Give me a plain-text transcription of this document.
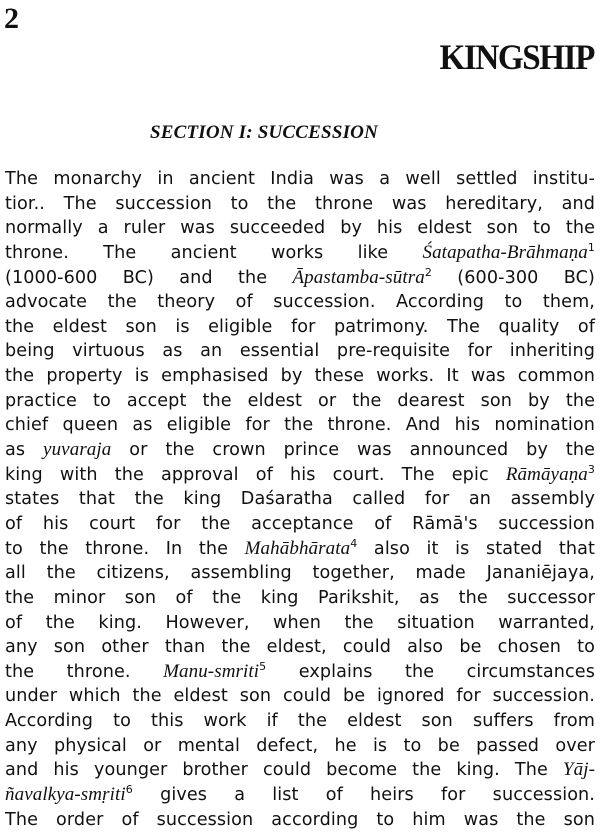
2
KINGSHIP
SECTION I: SUCCESSION
The monarchy in ancient India was a well settled institu-
tior.. The succession to the throne was hereditary, and
normally a ruler was succeeded by his eldest son to the
throne. The ancient works like Śatapatha-Brāhmaṇa$^1$
(1000-600 BC) and the Āpastamba-sūtra$^2$ (600-300 BC)
advocate the theory of succession. According to them,
the eldest son is eligible for patrimony. The quality of
being virtuous as an essential pre-requisite for inheriting
the property is emphasised by these works. It was common
practice to accept the eldest or the dearest son by the
chief queen as eligible for the throne. And his nomination
as yuvaraja or the crown prince was announced by the
king with the approval of his court. The epic Rāmāyaṇa$^3$
states that the king Daśaratha called for an assembly
of his court for the acceptance of Rāmā's succession
to the throne. In the Mahābhārata$^4$ also it is stated that
all the citizens, assembling together, made Jananiējaya,
the minor son of the king Parikshit, as the successor
of the king. However, when the situation warranted,
any son other than the eldest, could also be chosen to
the throne. Manu-smriti$^5$ explains the circumstances
under which the eldest son could be ignored for succession.
According to this work if the eldest son suffers from
any physical or mental defect, he is to be passed over
and his younger brother could become the king. The Yāj-
ñavalkya-smṛiti$^6$ gives a list of heirs for succession.
The order of succession according to him was the son
